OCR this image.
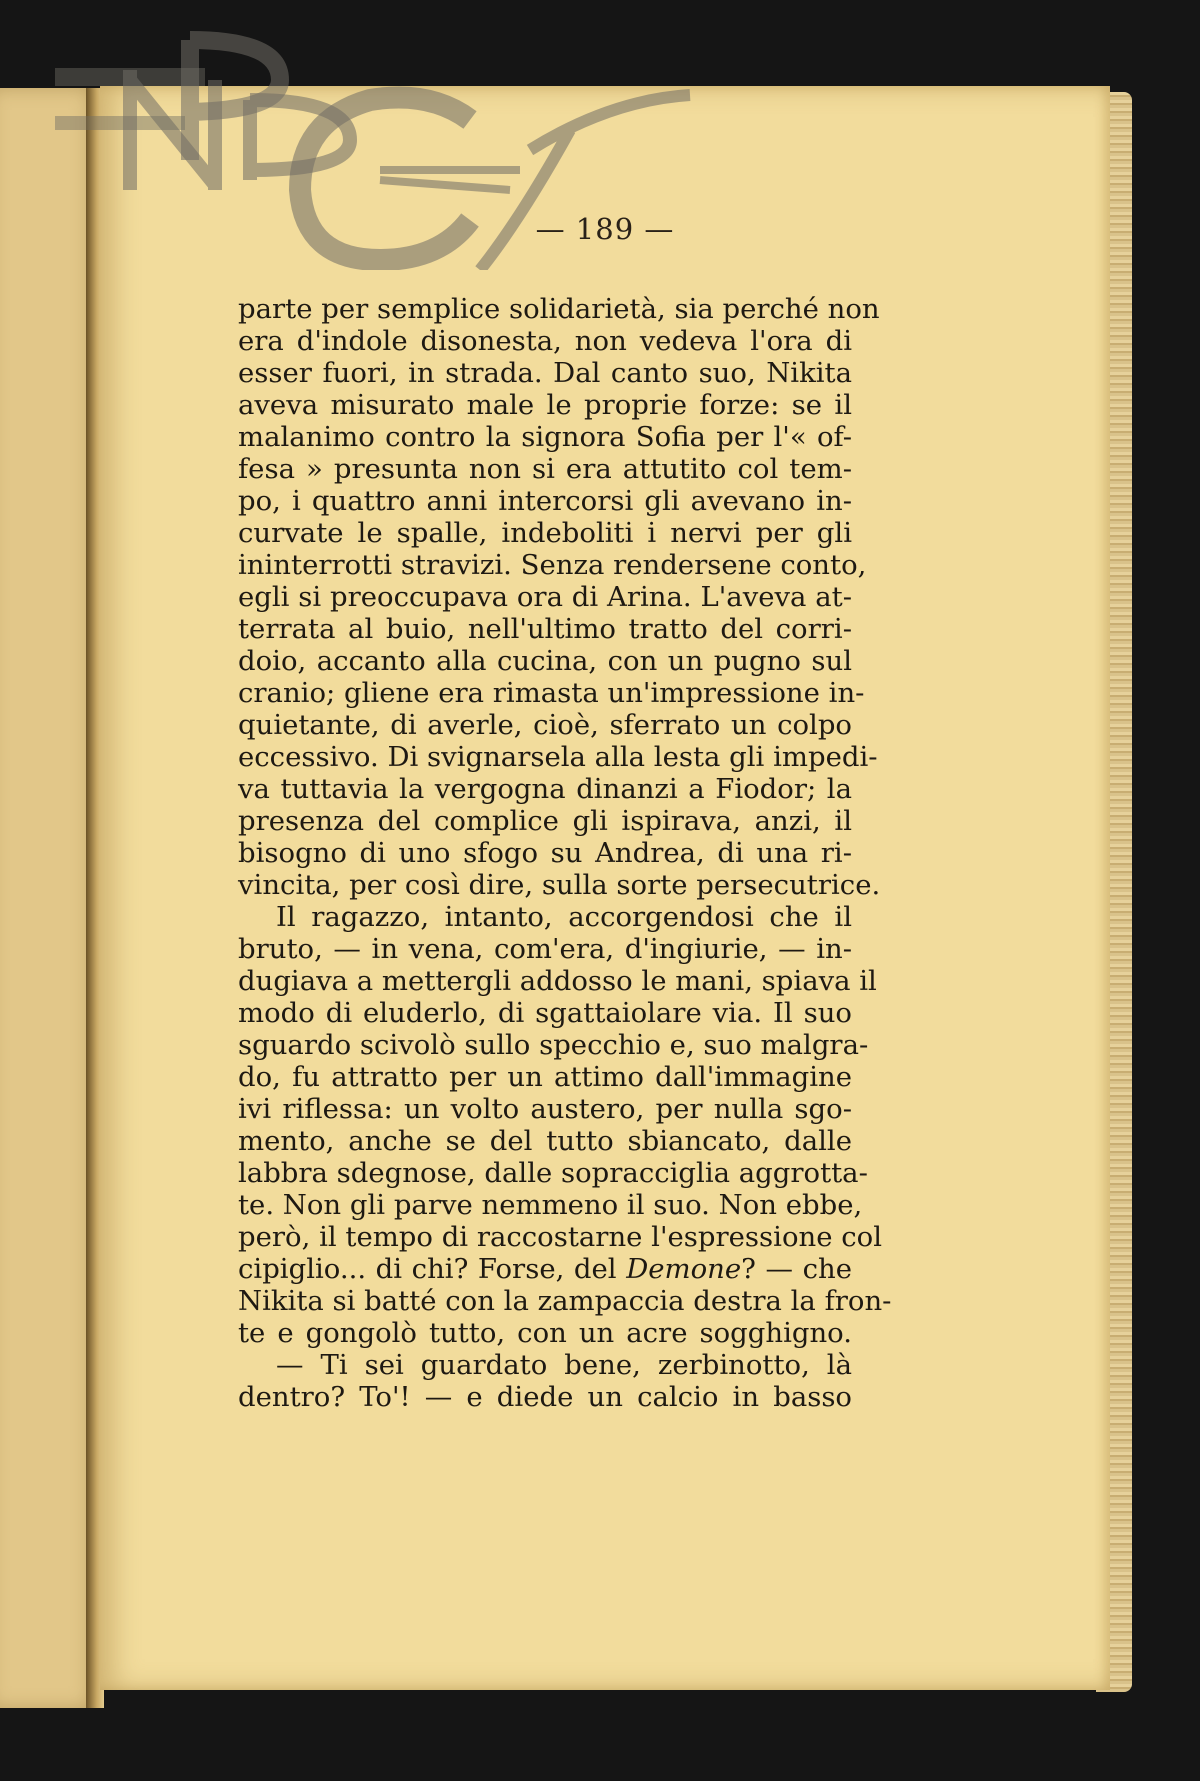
— 189 —
parte per semplice solidarietà, sia perché non
era d'indole disonesta, non vedeva l'ora di
esser fuori, in strada. Dal canto suo, Nikita
aveva misurato male le proprie forze: se il
malanimo contro la signora Sofia per l'« of-
fesa » presunta non si era attutito col tem-
po, i quattro anni intercorsi gli avevano in-
curvate le spalle, indeboliti i nervi per gli
ininterrotti stravizi. Senza rendersene conto,
egli si preoccupava ora di Arina. L'aveva at-
terrata al buio, nell'ultimo tratto del corri-
doio, accanto alla cucina, con un pugno sul
cranio; gliene era rimasta un'impressione in-
quietante, di averle, cioè, sferrato un colpo
eccessivo. Di svignarsela alla lesta gli impedi-
va tuttavia la vergogna dinanzi a Fiodor; la
presenza del complice gli ispirava, anzi, il
bisogno di uno sfogo su Andrea, di una ri-
vincita, per così dire, sulla sorte persecutrice.
Il ragazzo, intanto, accorgendosi che il
bruto, — in vena, com'era, d'ingiurie, — in-
dugiava a mettergli addosso le mani, spiava il
modo di eluderlo, di sgattaiolare via. Il suo
sguardo scivolò sullo specchio e, suo malgra-
do, fu attratto per un attimo dall'immagine
ivi riflessa: un volto austero, per nulla sgo-
mento, anche se del tutto sbiancato, dalle
labbra sdegnose, dalle sopracciglia aggrotta-
te. Non gli parve nemmeno il suo. Non ebbe,
però, il tempo di raccostarne l'espressione col
cipiglio... di chi? Forse, del Demone? — che
Nikita si batté con la zampaccia destra la fron-
te e gongolò tutto, con un acre sogghigno.
— Ti sei guardato bene, zerbinotto, là
dentro? To'! — e diede un calcio in basso
